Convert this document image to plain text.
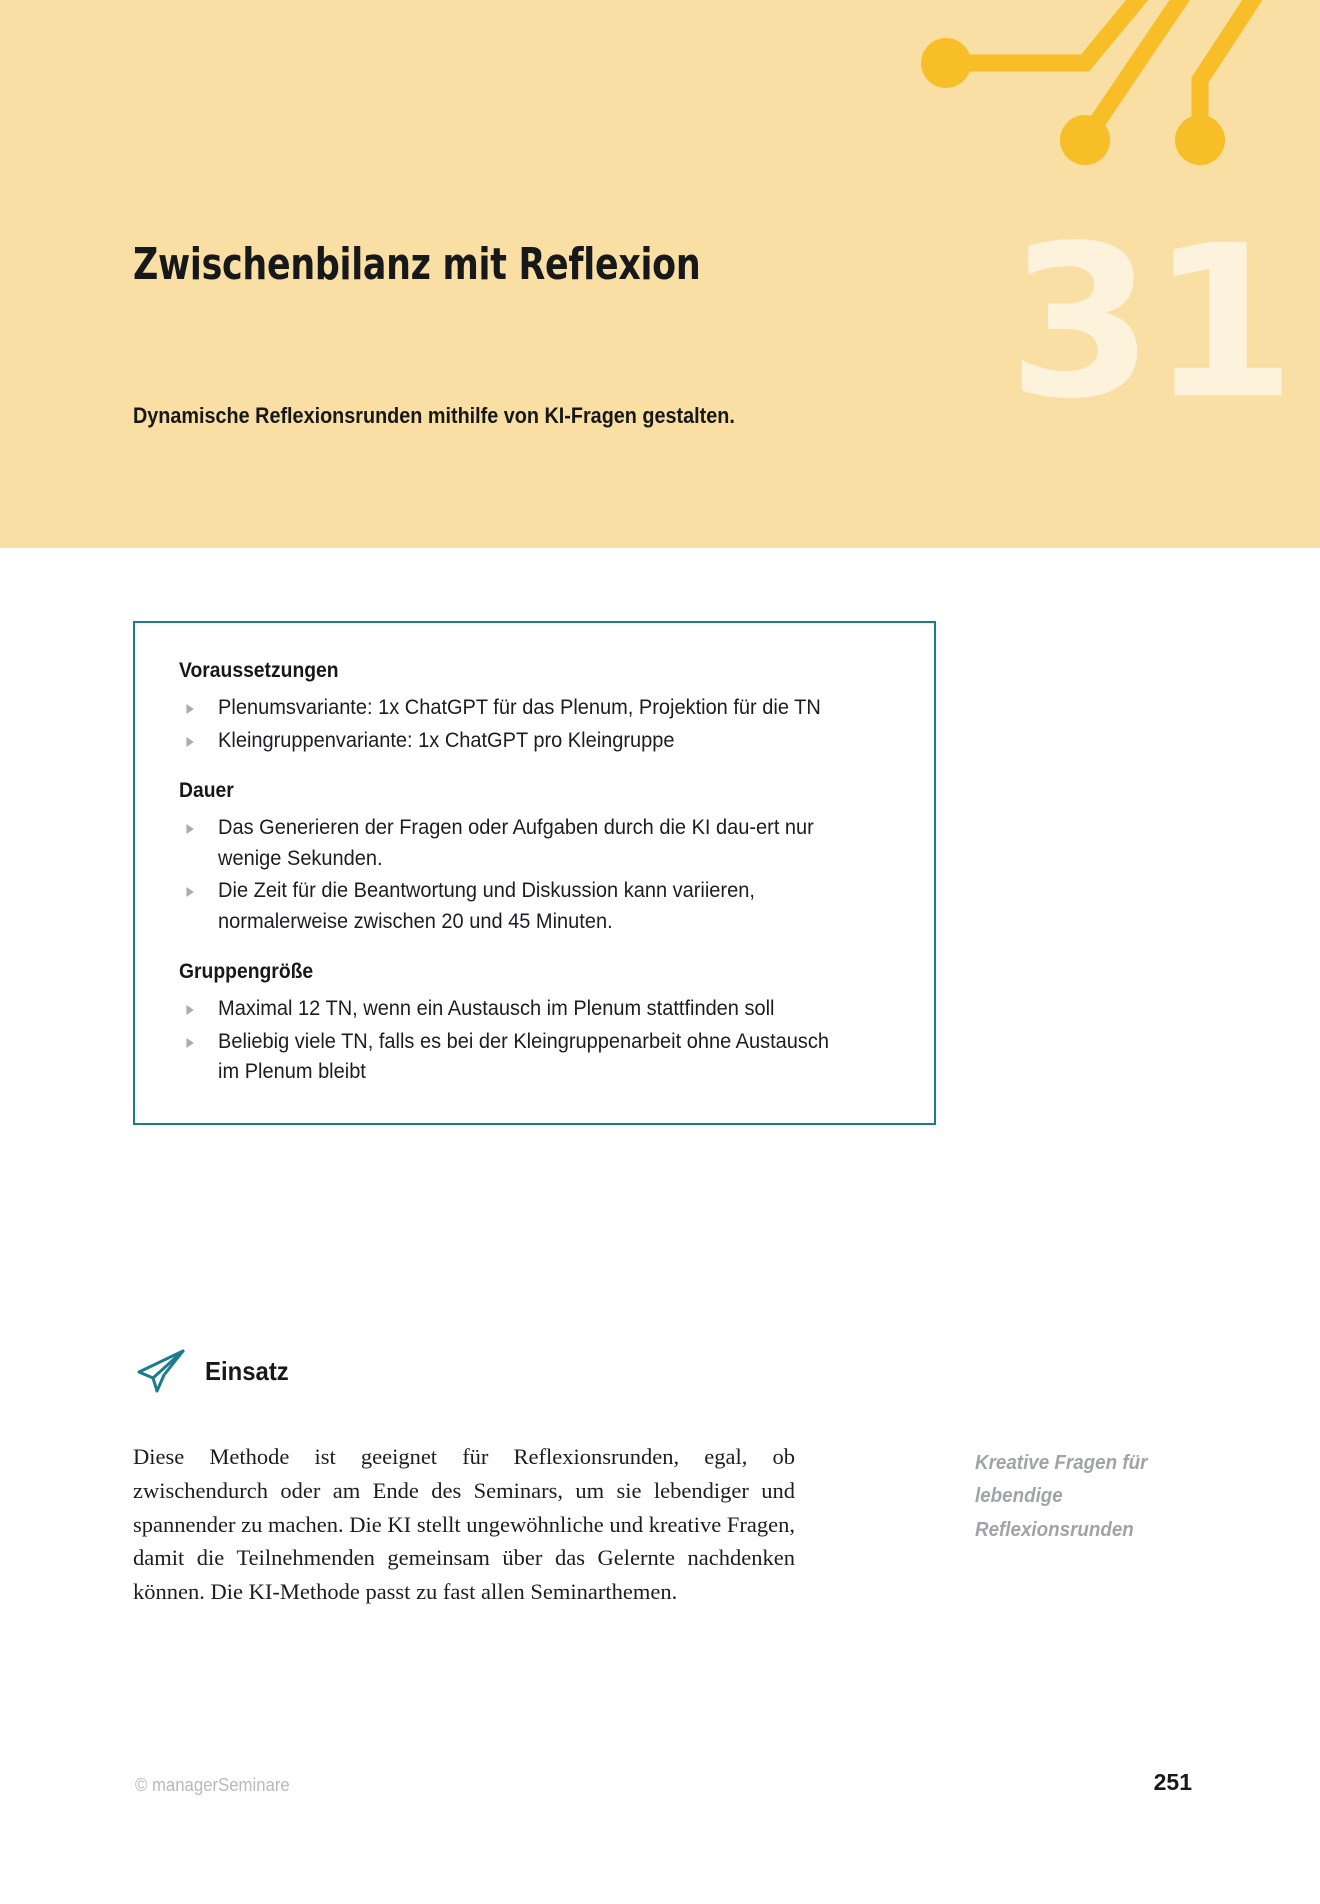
31
Zwischenbilanz mit Reflexion
Dynamische Reflexionsrunden mithilfe von KI-Fragen gestalten.
Voraussetzungen
Plenumsvariante: 1x ChatGPT für das Plenum, Projektion für die TN
Kleingruppenvariante: 1x ChatGPT pro Kleingruppe
Dauer
Das Generieren der Fragen oder Aufgaben durch die KI dau-ert nur wenige Sekunden.
Die Zeit für die Beantwortung und Diskussion kann variieren, normalerweise zwischen 20 und 45 Minuten.
Gruppengröße
Maximal 12 TN, wenn ein Austausch im Plenum stattfinden soll
Beliebig viele TN, falls es bei der Kleingruppenarbeit ohne Austausch im Plenum bleibt
Einsatz
Diese Methode ist geeignet für Reflexionsrunden, egal, ob zwischendurch oder am Ende des Seminars, um sie lebendiger und spannender zu machen. Die KI stellt ungewöhnliche und kreative Fragen, damit die Teilnehmenden gemeinsam über das Gelernte nachdenken können. Die KI-Methode passt zu fast allen Seminarthemen.
Kreative Fragen für lebendige Reflexionsrunden
© managerSeminare	251
